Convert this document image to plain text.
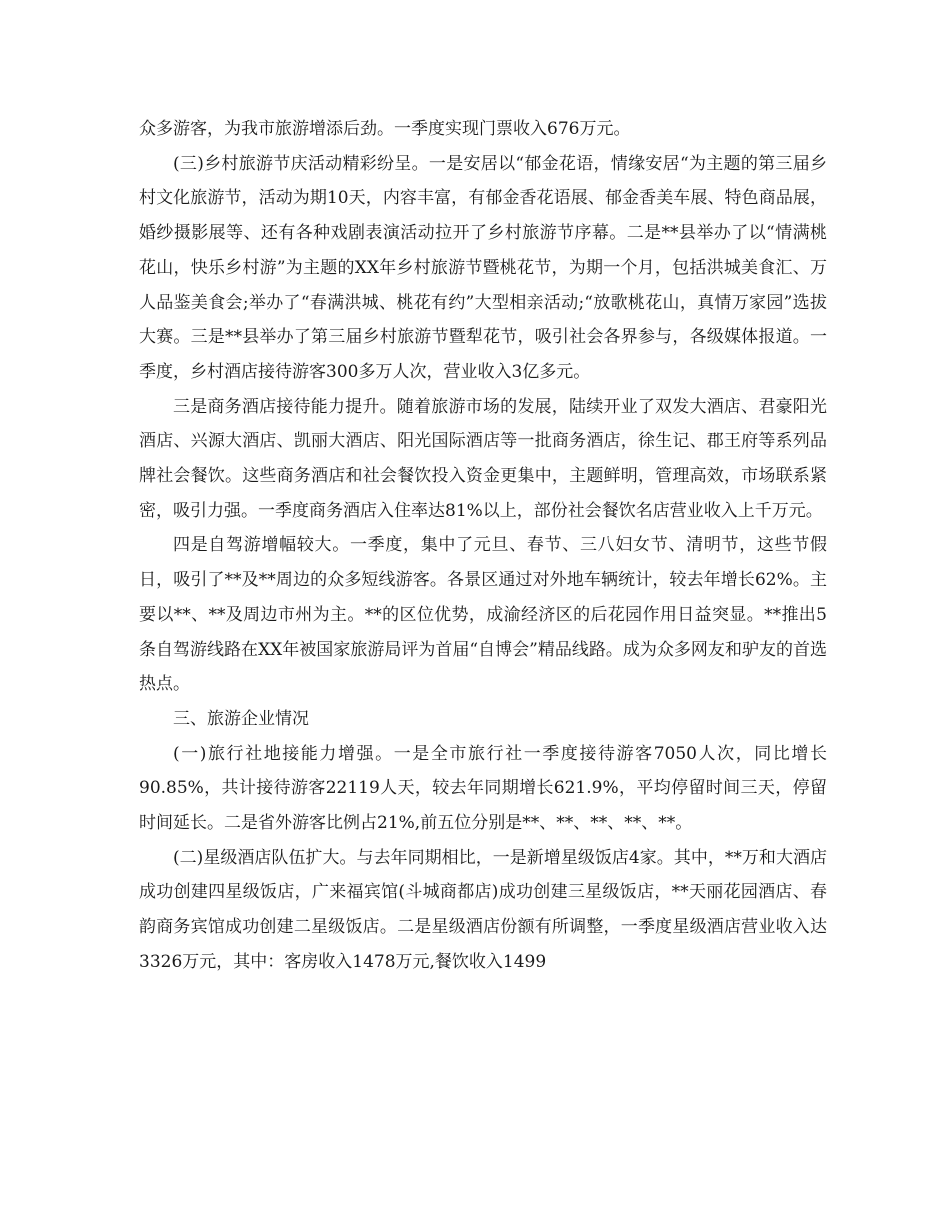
众多游客，为我市旅游增添后劲。一季度实现门票收入676万元。

(三)乡村旅游节庆活动精彩纷呈。一是安居以“郁金花语，情缘安居“为主题的第三届乡村文化旅游节，活动为期10天，内容丰富，有郁金香花语展、郁金香美车展、特色商品展，婚纱摄影展等、还有各种戏剧表演活动拉开了乡村旅游节序幕。二是**县举办了以“情满桃花山，快乐乡村游”为主题的XX年乡村旅游节暨桃花节，为期一个月，包括洪城美食汇、万人品鉴美食会;举办了“春满洪城、桃花有约”大型相亲活动;“放歌桃花山，真情万家园”选拔大赛。三是**县举办了第三届乡村旅游节暨犁花节，吸引社会各界参与，各级媒体报道。一季度，乡村酒店接待游客300多万人次，营业收入3亿多元。

三是商务酒店接待能力提升。随着旅游市场的发展，陆续开业了双发大酒店、君豪阳光酒店、兴源大酒店、凯丽大酒店、阳光国际酒店等一批商务酒店，徐生记、郡王府等系列品牌社会餐饮。这些商务酒店和社会餐饮投入资金更集中，主题鲜明，管理高效，市场联系紧密，吸引力强。一季度商务酒店入住率达81%以上，部份社会餐饮名店营业收入上千万元。

四是自驾游增幅较大。一季度，集中了元旦、春节、三八妇女节、清明节，这些节假日，吸引了**及**周边的众多短线游客。各景区通过对外地车辆统计，较去年增长62%。主要以**、**及周边市州为主。**的区位优势，成渝经济区的后花园作用日益突显。**推出5条自驾游线路在XX年被国家旅游局评为首届“自博会”精品线路。成为众多网友和驴友的首选热点。

三、旅游企业情况

(一)旅行社地接能力增强。一是全市旅行社一季度接待游客7050人次，同比增长90.85%，共计接待游客22119人天，较去年同期增长621.9%，平均停留时间三天，停留时间延长。二是省外游客比例占21%,前五位分别是**、**、**、**、**。

(二)星级酒店队伍扩大。与去年同期相比，一是新增星级饭店4家。其中，**万和大酒店成功创建四星级饭店，广来福宾馆(斗城商都店)成功创建三星级饭店，**天丽花园酒店、春韵商务宾馆成功创建二星级饭店。二是星级酒店份额有所调整，一季度星级酒店营业收入达3326万元，其中：客房收入1478万元,餐饮收入1499
